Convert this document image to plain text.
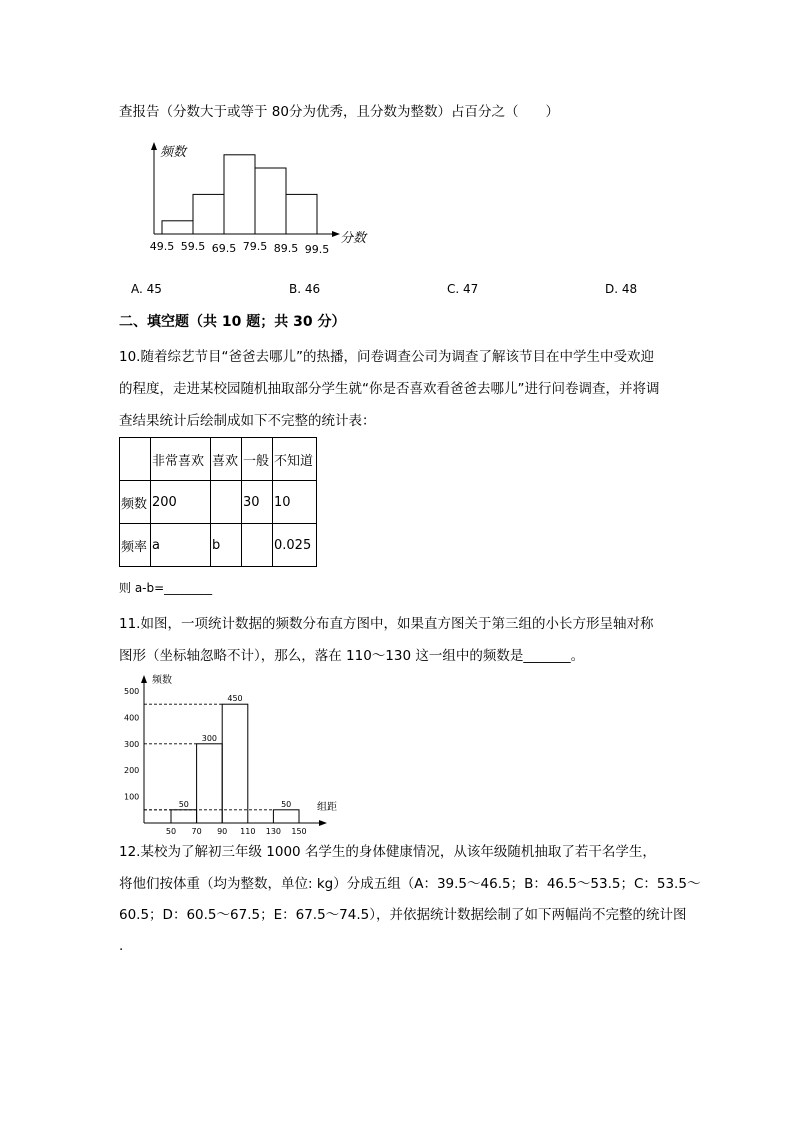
查报告（分数大于或等于 80分为优秀，且分数为整数）占百分之（　　）
频数
分数
49.5 59.5 69.5 79.5 89.5 99.5
A. 45	B. 46	C. 47	D. 48
二、填空题（共 10 题；共 30 分）
10.随着综艺节目“爸爸去哪儿”的热播，问卷调查公司为调查了解该节目在中学生中受欢迎
的程度，走进某校园随机抽取部分学生就“你是否喜欢看爸爸去哪儿”进行问卷调查，并将调
查结果统计后绘制成如下不完整的统计表：
	非常喜欢	喜欢	一般	不知道
频数	200		30	10
频率	a	b		0.025
则 a-b=________
11.如图，一项统计数据的频数分布直方图中，如果直方图关于第三组的小长方形呈轴对称
图形（坐标轴忽略不计），那么，落在 110～130 这一组中的频数是_______。
频数
组距
50
300
450
50
500
400
300
200
100
50 70 90 110 130 150
12.某校为了解初三年级 1000 名学生的身体健康情况，从该年级随机抽取了若干名学生，
将他们按体重（均为整数，单位: kg）分成五组（A：39.5～46.5；B：46.5～53.5；C：53.5～
60.5；D：60.5～67.5；E：67.5～74.5），并依据统计数据绘制了如下两幅尚不完整的统计图
.
